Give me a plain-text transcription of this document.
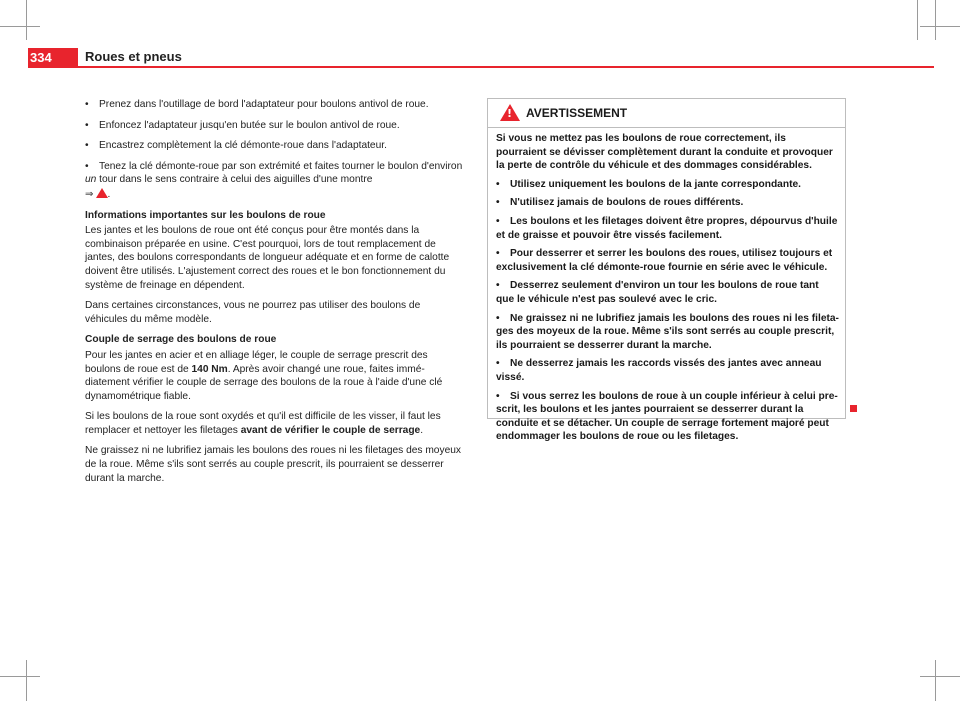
334	Roues et pneus

• Prenez dans l'outillage de bord l'adaptateur pour boulons antivol de roue.

• Enfoncez l'adaptateur jusqu'en butée sur le boulon antivol de roue.

• Encastrez complètement la clé démonte-roue dans l'adaptateur.

• Tenez la clé démonte-roue par son extrémité et faites tourner le boulon d'environ un tour dans le sens contraire à celui des aiguilles d'une montre
⇒ .

Informations importantes sur les boulons de roue

Les jantes et les boulons de roue ont été conçus pour être montés dans la combinaison préparée en usine. C'est pourquoi, lors de tout remplacement de jantes, des boulons correspondants de longueur adéquate et en forme de calotte doivent être utilisés. L'ajustement correct des roues et le bon fonctionnement du système de freinage en dépendent.

Dans certaines circonstances, vous ne pourrez pas utiliser des boulons de véhicules du même modèle.

Couple de serrage des boulons de roue

Pour les jantes en acier et en alliage léger, le couple de serrage prescrit des boulons de roue est de 140 Nm. Après avoir changé une roue, faites immédiatement vérifier le couple de serrage des boulons de la roue à l'aide d'une clé dynamométrique fiable.

Si les boulons de la roue sont oxydés et qu'il est difficile de les visser, il faut les remplacer et nettoyer les filetages avant de vérifier le couple de serrage.

Ne graissez ni ne lubrifiez jamais les boulons des roues ni les filetages des moyeux de la roue. Même s'ils sont serrés au couple prescrit, ils pourraient se desserrer durant la marche.

! AVERTISSEMENT

Si vous ne mettez pas les boulons de roue correctement, ils pourraient se dévisser complètement durant la conduite et provoquer la perte de contrôle du véhicule et des dommages considérables.

• Utilisez uniquement les boulons de la jante correspondante.

• N'utilisez jamais de boulons de roues différents.

• Les boulons et les filetages doivent être propres, dépourvus d'huile et de graisse et pouvoir être vissés facilement.

• Pour desserrer et serrer les boulons des roues, utilisez toujours et exclusivement la clé démonte-roue fournie en série avec le véhicule.

• Desserrez seulement d'environ un tour les boulons de roue tant que le véhicule n'est pas soulevé avec le cric.

• Ne graissez ni ne lubrifiez jamais les boulons des roues ni les filetages des moyeux de la roue. Même s'ils sont serrés au couple prescrit, ils pourraient se desserrer durant la marche.

• Ne desserrez jamais les raccords vissés des jantes avec anneau vissé.

• Si vous serrez les boulons de roue à un couple inférieur à celui prescrit, les boulons et les jantes pourraient se desserrer durant la conduite et se détacher. Un couple de serrage fortement majoré peut endommager les boulons de roue ou les filetages.
